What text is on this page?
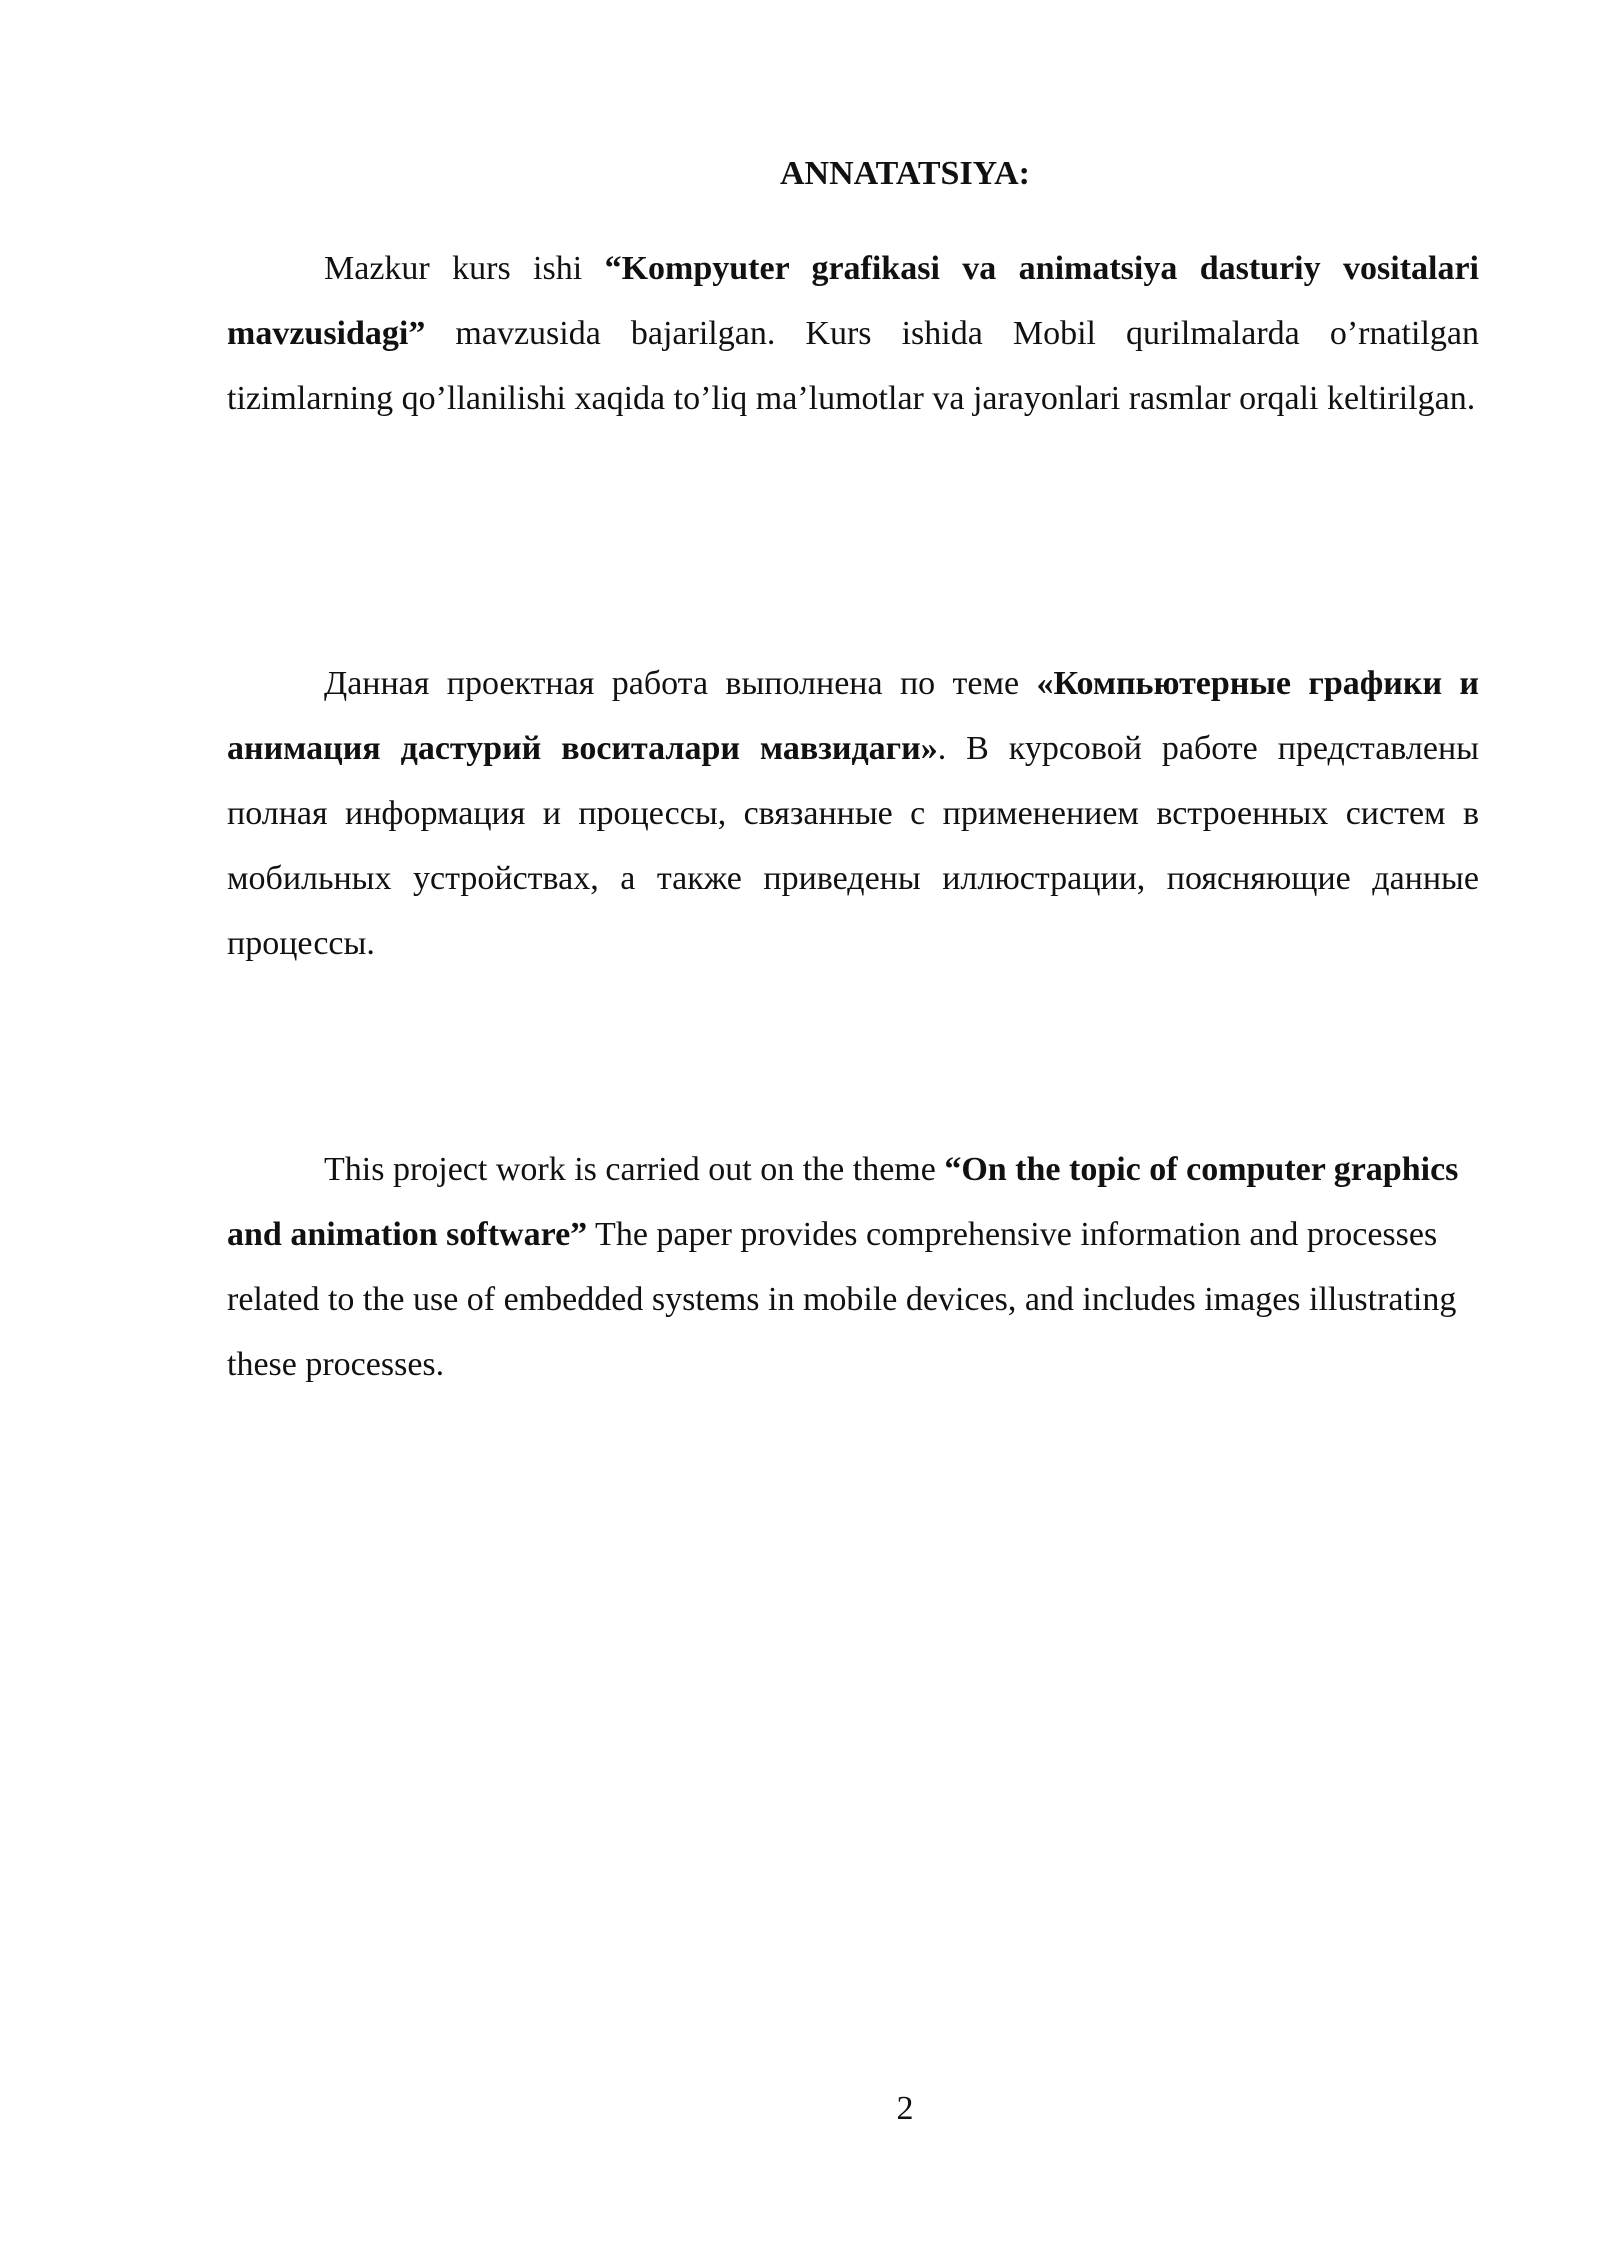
ANNATATSIYA:

Mazkur kurs ishi “Kompyuter grafikasi va animatsiya dasturiy vositalari mavzusidagi” mavzusida bajarilgan. Kurs ishida Mobil qurilmalarda o’rnatilgan tizimlarning qo’llanilishi xaqida to’liq ma’lumotlar va jarayonlari rasmlar orqali keltirilgan.

Данная проектная работа выполнена по теме «Компьютерные графики и анимация дастурий воситалари мавзидаги». В курсовой работе представлены полная информация и процессы, связанные с применением встроенных систем в мобильных устройствах, а также приведены иллюстрации, поясняющие данные процессы.

This project work is carried out on the theme “On the topic of computer graphics and animation software” The paper provides comprehensive information and processes related to the use of embedded systems in mobile devices, and includes images illustrating these processes.

2
